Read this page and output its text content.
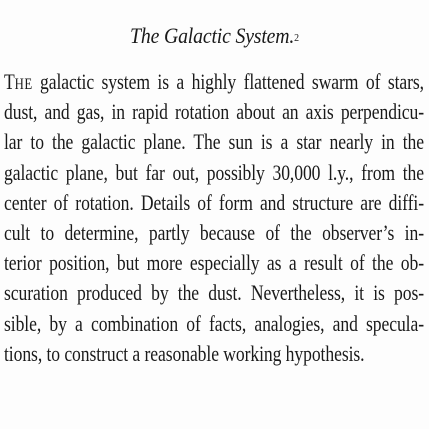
The Galactic System.$^2$
THE galactic system is a highly flattened swarm of stars,
dust, and gas, in rapid rotation about an axis perpendicu-
lar to the galactic plane. The sun is a star nearly in the
galactic plane, but far out, possibly 30,000 l.y., from the
center of rotation. Details of form and structure are diffi-
cult to determine, partly because of the observer’s in-
terior position, but more especially as a result of the ob-
scuration produced by the dust. Nevertheless, it is pos-
sible, by a combination of facts, analogies, and specula-
tions, to construct a reasonable working hypothesis.
